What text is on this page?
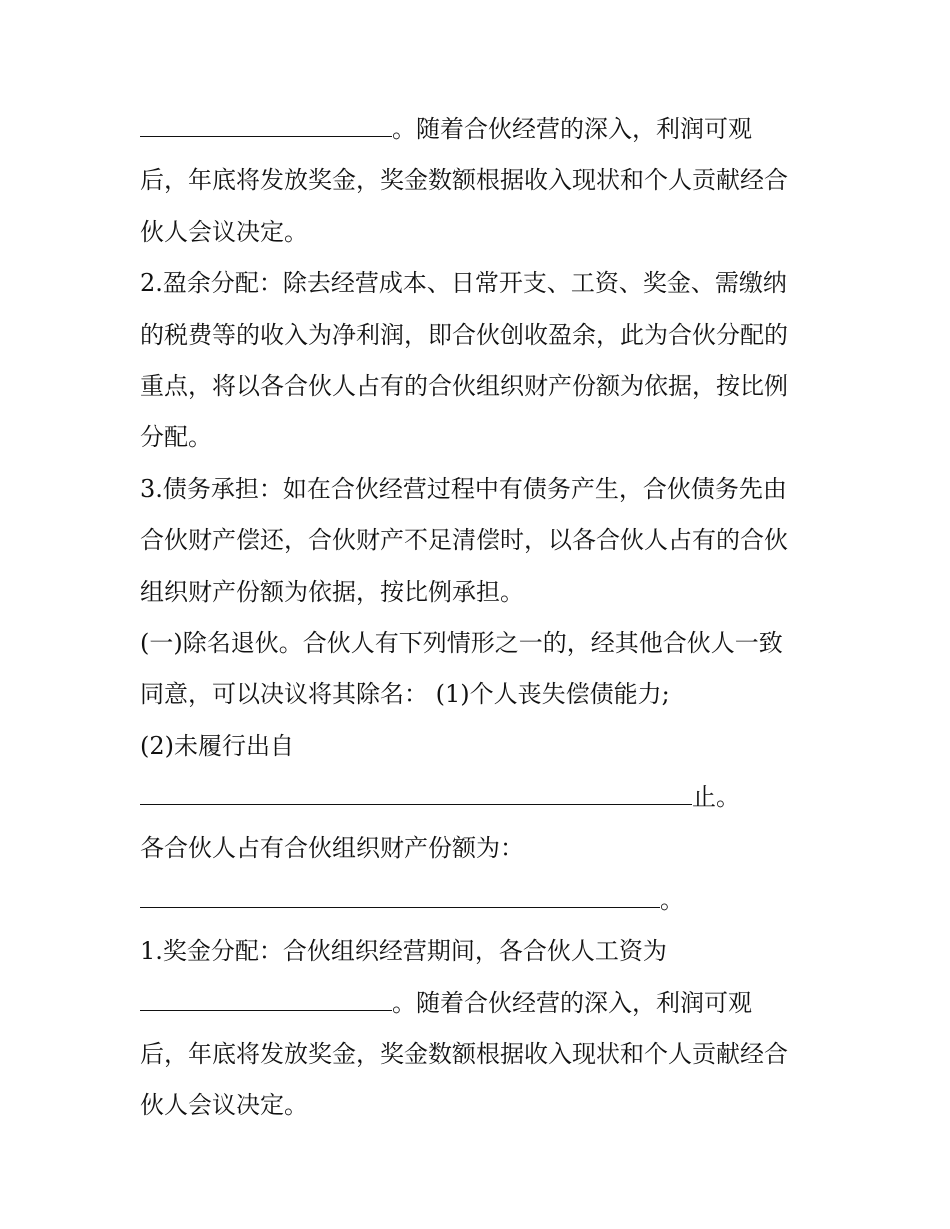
。随着合伙经营的深入，利润可观
后，年底将发放奖金，奖金数额根据收入现状和个人贡献经合
伙人会议决定。
2.盈余分配：除去经营成本、日常开支、工资、奖金、需缴纳
的税费等的收入为净利润，即合伙创收盈余，此为合伙分配的
重点，将以各合伙人占有的合伙组织财产份额为依据，按比例
分配。
3.债务承担：如在合伙经营过程中有债务产生，合伙债务先由
合伙财产偿还，合伙财产不足清偿时，以各合伙人占有的合伙
组织财产份额为依据，按比例承担。
(一)除名退伙。合伙人有下列情形之一的，经其他合伙人一致
同意，可以决议将其除名： (1)个人丧失偿债能力;
(2)未履行出自
止。
各合伙人占有合伙组织财产份额为：
。
1.奖金分配：合伙组织经营期间，各合伙人工资为
。随着合伙经营的深入，利润可观
后，年底将发放奖金，奖金数额根据收入现状和个人贡献经合
伙人会议决定。
